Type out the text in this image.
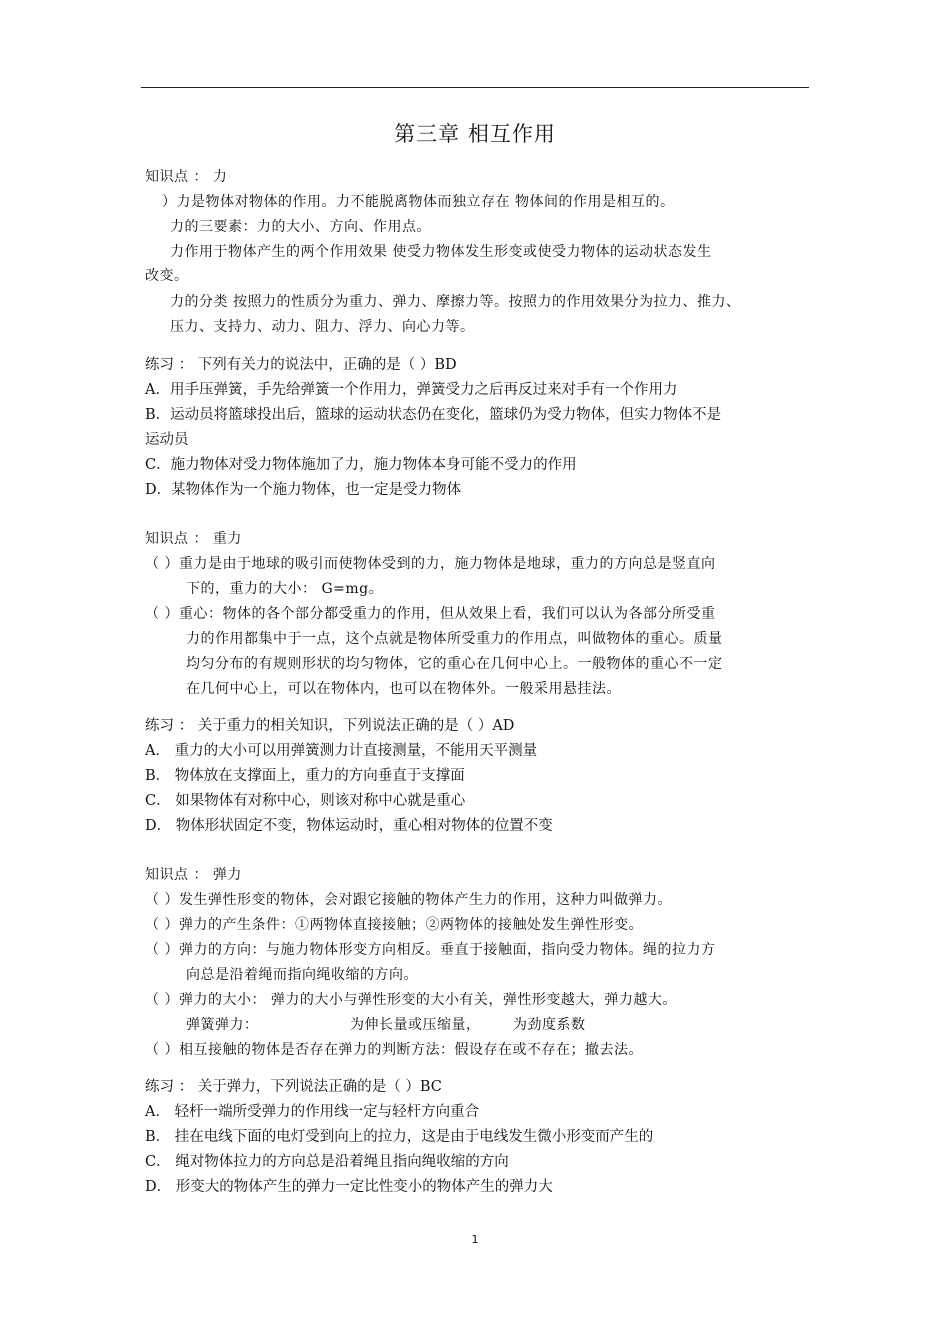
第三章 相互作用
知识点 ： 力
）力是物体对物体的作用。力不能脱离物体而独立存在 物体间的作用是相互的。
力的三要素：力的大小、方向、作用点。
力作用于物体产生的两个作用效果 使受力物体发生形变或使受力物体的运动状态发生
改变。
力的分类 按照力的性质分为重力、弹力、摩擦力等。按照力的作用效果分为拉力、推力、
压力、支持力、动力、阻力、浮力、向心力等。
练习 ： 下列有关力的说法中，正确的是（ ）BD
A．用手压弹簧，手先给弹簧一个作用力，弹簧受力之后再反过来对手有一个作用力
B．运动员将篮球投出后，篮球的运动状态仍在变化，篮球仍为受力物体，但实力物体不是
运动员
C．施力物体对受力物体施加了力，施力物体本身可能不受力的作用
D．某物体作为一个施力物体，也一定是受力物体
知识点 ： 重力
（ ）重力是由于地球的吸引而使物体受到的力，施力物体是地球，重力的方向总是竖直向
下的，重力的大小： G=mg。
（ ）重心：物体的各个部分都受重力的作用，但从效果上看，我们可以认为各部分所受重
力的作用都集中于一点，这个点就是物体所受重力的作用点，叫做物体的重心。质量
均匀分布的有规则形状的均匀物体，它的重心在几何中心上。一般物体的重心不一定
在几何中心上，可以在物体内，也可以在物体外。一般采用悬挂法。
练习 ： 关于重力的相关知识，下列说法正确的是（ ）AD
A． 重力的大小可以用弹簧测力计直接测量，不能用天平测量
B． 物体放在支撑面上，重力的方向垂直于支撑面
C． 如果物体有对称中心，则该对称中心就是重心
D． 物体形状固定不变，物体运动时，重心相对物体的位置不变
知识点 ： 弹力
（ ）发生弹性形变的物体，会对跟它接触的物体产生力的作用，这种力叫做弹力。
（ ）弹力的产生条件：①两物体直接接触；②两物体的接触处发生弹性形变。
（ ）弹力的方向：与施力物体形变方向相反。垂直于接触面，指向受力物体。绳的拉力方
向总是沿着绳而指向绳收缩的方向。
（ ）弹力的大小： 弹力的大小与弹性形变的大小有关，弹性形变越大，弹力越大。
弹簧弹力：	为伸长量或压缩量， 为劲度系数
（ ）相互接触的物体是否存在弹力的判断方法：假设存在或不存在；撤去法。
练习 ： 关于弹力，下列说法正确的是（ ）BC
A． 轻杆一端所受弹力的作用线一定与轻杆方向重合
B． 挂在电线下面的电灯受到向上的拉力，这是由于电线发生微小形变而产生的
C． 绳对物体拉力的方向总是沿着绳且指向绳收缩的方向
D． 形变大的物体产生的弹力一定比性变小的物体产生的弹力大
1
